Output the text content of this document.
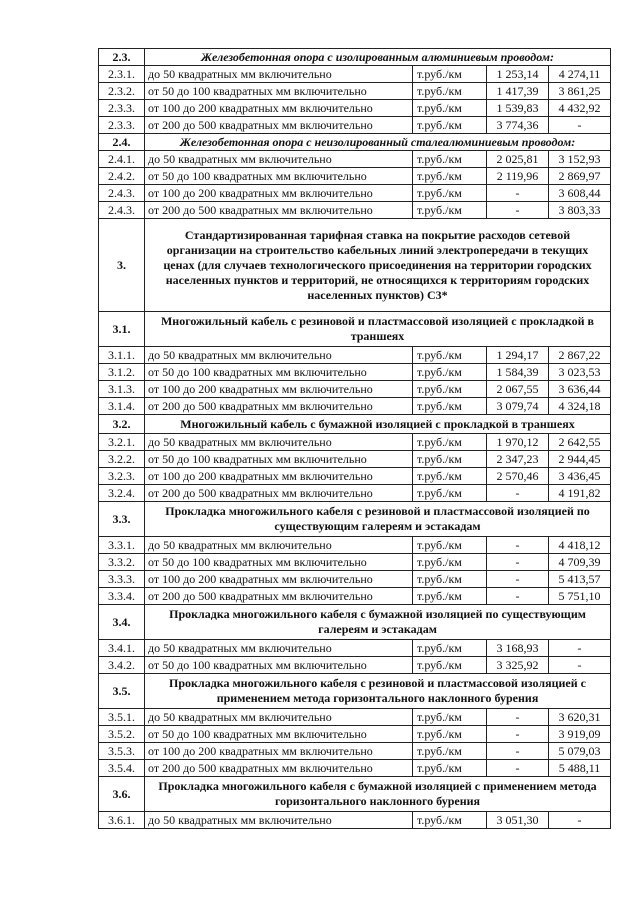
2.3.	Железобетонная опора с изолированным алюминиевым проводом:			
2.3.1.	до 50 квадратных мм включительно	т.руб./км	1 253,14	4 274,11
2.3.2.	от 50 до 100 квадратных мм включительно	т.руб./км	1 417,39	3 861,25
2.3.3.	от 100 до 200 квадратных мм включительно	т.руб./км	1 539,83	4 432,92
2.3.3.	от 200 до 500 квадратных мм включительно	т.руб./км	3 774,36	-
2.4.	Железобетонная опора с неизолированный сталеалюминиевым проводом:			
2.4.1.	до 50 квадратных мм включительно	т.руб./км	2 025,81	3 152,93
2.4.2.	от 50 до 100 квадратных мм включительно	т.руб./км	2 119,96	2 869,97
2.4.3.	от 100 до 200 квадратных мм включительно	т.руб./км	-	3 608,44
2.4.3.	от 200 до 500 квадратных мм включительно	т.руб./км	-	3 803,33
3.	Стандартизированная тарифная ставка на покрытие расходов сетевой организации на строительство кабельных линий электропередачи в текущих ценах (для случаев технологического присоединения на территории городских населенных пунктов и территорий, не относящихся к территориям городских населенных пунктов) С3*			
3.1.	Многожильный кабель с резиновой и пластмассовой изоляцией с прокладкой в траншеях			
3.1.1.	до 50 квадратных мм включительно	т.руб./км	1 294,17	2 867,22
3.1.2.	от 50 до 100 квадратных мм включительно	т.руб./км	1 584,39	3 023,53
3.1.3.	от 100 до 200 квадратных мм включительно	т.руб./км	2 067,55	3 636,44
3.1.4.	от 200 до 500 квадратных мм включительно	т.руб./км	3 079,74	4 324,18
3.2.	Многожильный кабель с бумажной изоляцией с прокладкой в траншеях			
3.2.1.	до 50 квадратных мм включительно	т.руб./км	1 970,12	2 642,55
3.2.2.	от 50 до 100 квадратных мм включительно	т.руб./км	2 347,23	2 944,45
3.2.3.	от 100 до 200 квадратных мм включительно	т.руб./км	2 570,46	3 436,45
3.2.4.	от 200 до 500 квадратных мм включительно	т.руб./км	-	4 191,82
3.3.	Прокладка многожильного кабеля с резиновой и пластмассовой изоляцией по существующим галереям и эстакадам			
3.3.1.	до 50 квадратных мм включительно	т.руб./км	-	4 418,12
3.3.2.	от 50 до 100 квадратных мм включительно	т.руб./км	-	4 709,39
3.3.3.	от 100 до 200 квадратных мм включительно	т.руб./км	-	5 413,57
3.3.4.	от 200 до 500 квадратных мм включительно	т.руб./км	-	5 751,10
3.4.	Прокладка многожильного кабеля с бумажной изоляцией по существующим галереям и эстакадам			
3.4.1.	до 50 квадратных мм включительно	т.руб./км	3 168,93	-
3.4.2.	от 50 до 100 квадратных мм включительно	т.руб./км	3 325,92	-
3.5.	Прокладка многожильного кабеля с резиновой и пластмассовой изоляцией с применением метода горизонтального наклонного бурения			
3.5.1.	до 50 квадратных мм включительно	т.руб./км	-	3 620,31
3.5.2.	от 50 до 100 квадратных мм включительно	т.руб./км	-	3 919,09
3.5.3.	от 100 до 200 квадратных мм включительно	т.руб./км	-	5 079,03
3.5.4.	от 200 до 500 квадратных мм включительно	т.руб./км	-	5 488,11
3.6.	Прокладка многожильного кабеля с бумажной изоляцией с применением метода горизонтального наклонного бурения			
3.6.1.	до 50 квадратных мм включительно	т.руб./км	3 051,30	-
